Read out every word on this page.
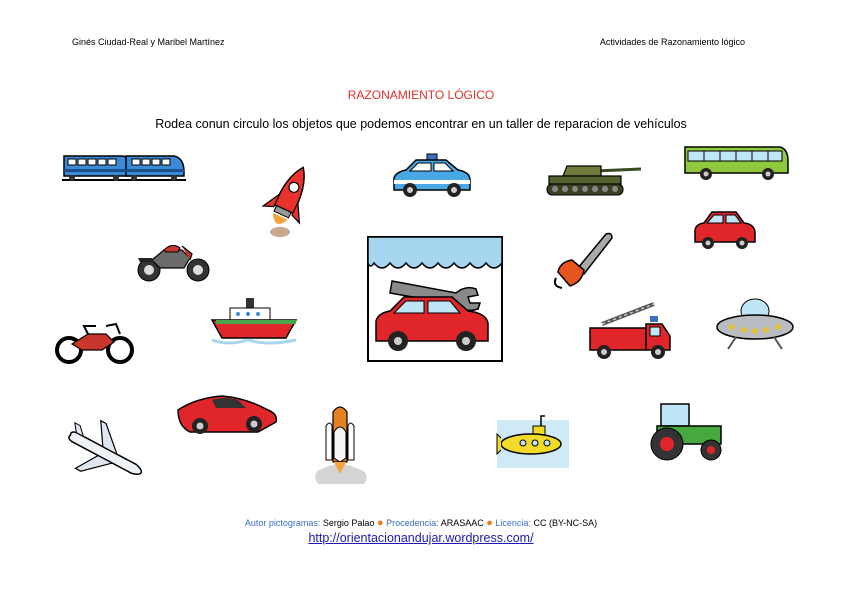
Ginés Ciudad-Real y Maribel Martínez	Actividades de Razonamiento lógico
RAZONAMIENTO LÓGICO
Rodea conun circulo los objetos que podemos encontrar en un taller de reparacion de vehículos
Autor pictogramas: Sergio Palao ● Procedencia: ARASAAC ● Licencia: CC (BY-NC-SA)
http://orientacionandujar.wordpress.com/
